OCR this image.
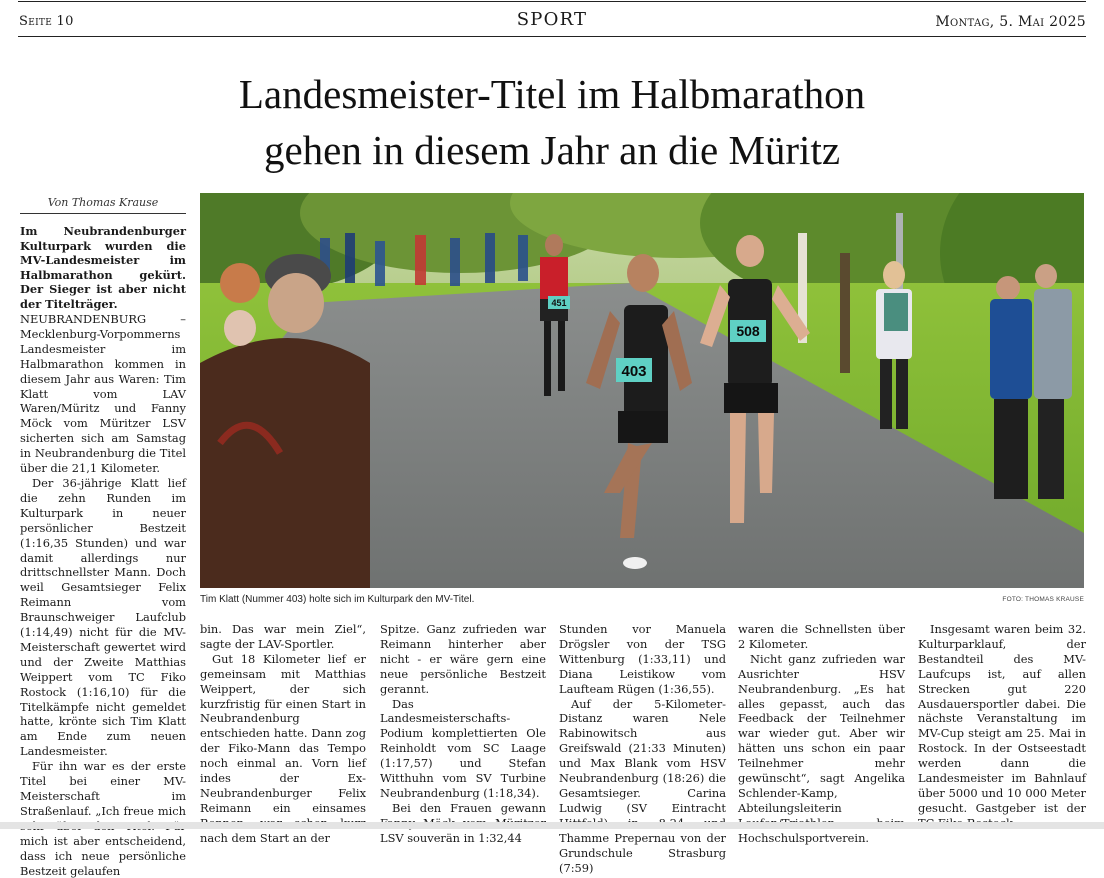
Seite 10	SPORT	Montag, 5. Mai 2025
Landesmeister-Titel im Halbmarathon
gehen in diesem Jahr an die Müritz
Von Thomas Krause
Im Neubrandenburger Kulturpark wurden die MV-Landesmeister im Halbmarathon gekürt. Der Sieger ist aber nicht der Titelträger.

NEUBRANDENBURG – Mecklenburg-Vorpommerns Landesmeister im Halbmarathon kommen in diesem Jahr aus Waren: Tim Klatt vom LAV Waren/Müritz und Fanny Möck vom Müritzer LSV sicherten sich am Samstag in Neubrandenburg die Titel über die 21,1 Kilometer.

Der 36-jährige Klatt lief die zehn Runden im Kulturpark in neuer persönlicher Bestzeit (1:16,35 Stunden) und war damit allerdings nur drittschnellster Mann. Doch weil Gesamtsieger Felix Reimann vom Braunschweiger Laufclub (1:14,49) nicht für die MV-Meisterschaft gewertet wird und der Zweite Matthias Weippert vom TC Fiko Rostock (1:16,10) für die Titelkämpfe nicht gemeldet hatte, krönte sich Tim Klatt am Ende zum neuen Landesmeister.

Für ihn war es der erste Titel bei einer MV-Meisterschaft im Straßenlauf. „Ich freue mich mich ist aber entscheidend, dass ich neue persönliche Bestzeit gelaufen

451
403
508
Tim Klatt (Nummer 403) holte sich im Kulturpark den MV-Titel.	FOTO: THOMAS KRAUSE

bin. Das war mein Ziel“, sagte der LAV-Sportler.

Gut 18 Kilometer lief er gemeinsam mit Matthias Weippert, der sich kurzfristig für einen Start in Neubrandenburg entschieden hatte. Dann zog der Fiko-Mann das Tempo noch einmal an. Vorn lief indes der Ex-Neubrandenburger Felix Reimann ein einsames nach dem Start an der

Spitze. Ganz zufrieden war Reimann hinterher aber nicht - er wäre gern eine neue persönliche Bestzeit gerannt.

Das Landesmeisterschafts-Podium komplettierten Ole Reinholdt vom SC Laage (1:17,57) und Stefan Witthuhn vom SV Turbine Neubrandenburg (1:18,34).

Bei den Frauen gewann LSV souverän in 1:32,44

Stunden vor Manuela Drögsler von der TSG Wittenburg (1:33,11) und Diana Leistikow vom Laufteam Rügen (1:36,55).

Auf der 5-Kilometer-Distanz waren Nele Rabinowitsch aus Greifswald (21:33 Minuten) und Max Blank vom HSV Neubrandenburg (18:26) die Gesamtsieger. Carina Ludwig (SV Eintracht Thamme Prepernau von der Grundschule Strasburg (7:59)

waren die Schnellsten über 2 Kilometer.

Nicht ganz zufrieden war Ausrichter HSV Neubrandenburg. „Es hat alles gepasst, auch das Feedback der Teilnehmer war wieder gut. Aber wir hätten uns schon ein paar Teilnehmer mehr gewünscht“, sagt Angelika Schlender-Kamp, Abteilungsleiterin Hochschulsportverein.

Insgesamt waren beim 32. Kulturparklauf, der Bestandteil des MV-Laufcups ist, auf allen Strecken gut 220 Ausdauersportler dabei. Die nächste Veranstaltung im MV-Cup steigt am 25. Mai in Rostock. In der Ostseestadt werden dann die Landesmeister im Bahnlauf über 5000 und 10 000 Meter gesucht. Gastgeber ist der
